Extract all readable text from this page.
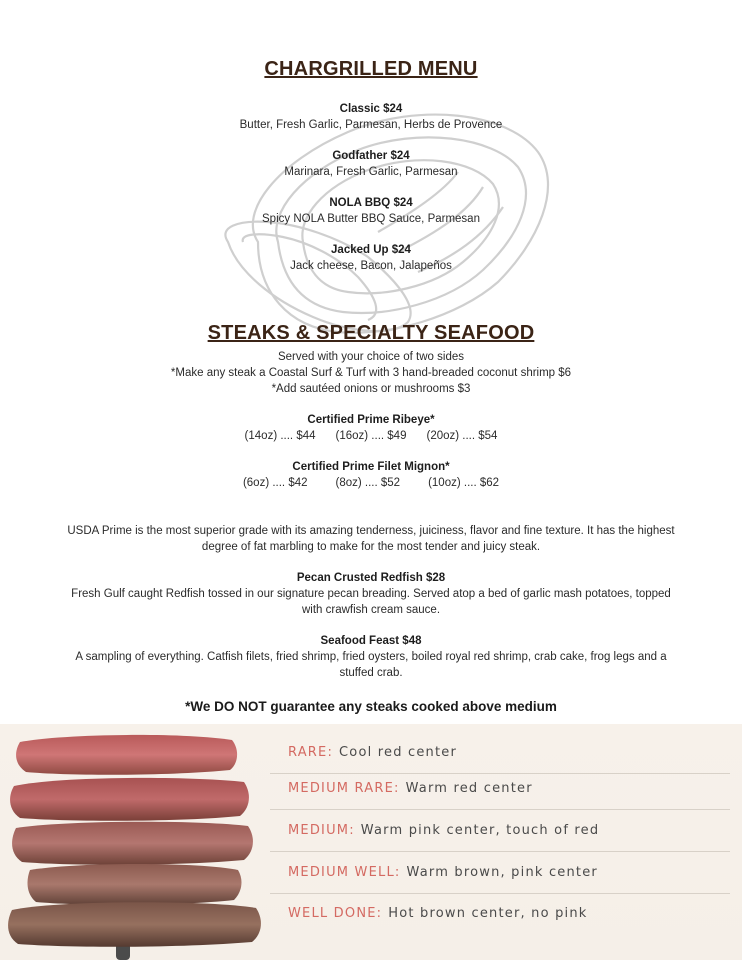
CHARGRILLED MENU
Classic $24
Butter, Fresh Garlic, Parmesan, Herbs de Provence
Godfather $24
Marinara, Fresh Garlic, Parmesan
NOLA BBQ $24
Spicy NOLA Butter BBQ Sauce, Parmesan
Jacked Up $24
Jack cheese, Bacon, Jalapeños
STEAKS & SPECIALTY SEAFOOD
Served with your choice of two sides
*Make any steak a Coastal Surf & Turf with 3 hand-breaded coconut shrimp $6
*Add sautéed onions or mushrooms $3
Certified Prime Ribeye*
(14oz) .... $44 (16oz) .... $49 (20oz) .... $54
Certified Prime Filet Mignon*
(6oz) .... $42 (8oz) .... $52 (10oz) .... $62
USDA Prime is the most superior grade with its amazing tenderness, juiciness, flavor and fine texture. It has the highest degree of fat marbling to make for the most tender and juicy steak.
Pecan Crusted Redfish $28
Fresh Gulf caught Redfish tossed in our signature pecan breading. Served atop a bed of garlic mash potatoes, topped with crawfish cream sauce.
Seafood Feast $48
A sampling of everything. Catfish filets, fried shrimp, fried oysters, boiled royal red shrimp, crab cake, frog legs and a stuffed crab.
*We DO NOT guarantee any steaks cooked above medium
RARE: Cool red center
MEDIUM RARE: Warm red center
MEDIUM: Warm pink center, touch of red
MEDIUM WELL: Warm brown, pink center
WELL DONE: Hot brown center, no pink
